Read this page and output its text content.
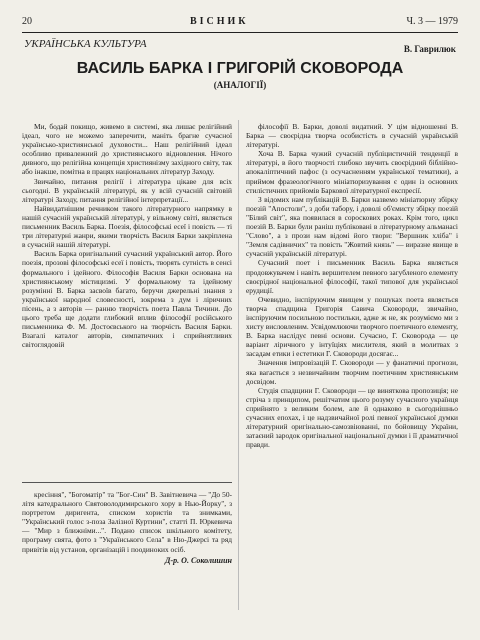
20	ВІСНИК	Ч. 3 — 1979
УКРАЇНСЬКА КУЛЬТУРА	В. Гаврилюк
ВАСИЛЬ БАРКА І ГРИГОРІЙ СКОВОРОДА
(АНАЛОГІЇ)

Ми, бодай покищо, живемо в системі, яка лишає релігійний ідеал, чого не можемо заперечити, маніть брагне сучасної українсько-християнської духовости... Наш релігійний ідеал особливо привалежний до християнського відновлення. Нічого дивного, що релігійна концепція християнізму західного світу, так або інакше, помітна в працях національних літератур Заходу.

Звичайно, питання релігії і література цікаве для всіх сьогодні. В українській літературі, як у всій сучасній світовій літературі Заходу, питання релігійної інтерпретації...

Найвидатнішим речником такого літературного напрямку в нашій сучасній українській літературі, у вільному світі, являється письменник Василь Барка. Поезія, філософські есеї і повість — ті три літературні жанри, якими творчість Василя Барки закріплена в сучасній нашій літературі.

Василь Барка оригінальний сучасний український автор. Його поезія, прозові філософські есеї і повість, творять сутність в сенсі формального і ідейного. Філософія Василя Барки основана на християнському містицизмі. У формальному та ідейному розумінні В. Барка засвоїв багато, беручи джерельні знання з української народної словесності, зокрема з дум і ліричних пісень, а з авторів — ранню творчість поета Павла Тичини. До цього треба ще додати глибокий вплив філософії російського письменника Ф. М. Достоєвського на творчість Василя Барки. Взагалі каталог авторів, симпатичних і сприйнятливих світоглядовій

філософії В. Барки, доволі видатний. У цім відношенні В. Барка — своєрідна творча особистість в сучасній українській літературі.

Хоча В. Барка чужий сучасній публіцистичній тенденції в літературі, в його творчості глибоко звучить своєрідний біблійно-апокаліптичний пафос (з осучасненням української тематики), а приймом фразеологічного мініатюризування є один із основних стилістичних прийомів Баркової літературної експресії.

З відомих нам публікацій В. Барки назвемо мініатюрну збірку поезій "Апостоли", з доби табору, і доволі об'ємисту збірку поезій "Білий світ", яка появилася в сороскових роках. Крім того, цикл поезій В. Барки були раніш публіковані в літературному альманасі "Слово", а з прози нам відомі його твори: "Вершник хліба" і "Земля садівничих" та повість "Жовтий князь" — виразне явище в сучасній українській літературі.

Сучасний поет і письменник Василь Барка являється продовжувачем і навіть вершителем певного загубленого елементу своєрідної національної філософії, такої типової для української ерудиції.

Очевидно, інспіруючим явищем у пошуках поета являється творча спадщина Григорія Савича Сковороди, звичайно, інспіруючим посильною постильки, адже ж не, як розуміємо ми з хисту висловленим. Усвідомлюючи творчого поетичного елементу, В. Барка наслідує певні основи. Сучасно, Г. Сковорода — це варіант ліричного у інтуїціях мислителя, який в молитвах з засадам етики і естетики Г. Сковороди досягає...

Значення імпровізацій Г. Сковороди — у фанатичні прогнози, яка вагається з незвичайним творчим поетичним християнським досвідом.

Студія спадщини Г. Сковороди — це виняткова пропозиція; не стріча з принципом, решітчатим цього розуму сучасного українця сприйнято з великим болем, але й однаково в сьогоднішньо сучасних епохах, і це надзвичайної ролі певної української думки літературний оригінально-самозвіюванні, по бойовищу України, затаєний зародок оригінальної національної думки і її драматичної правди.

кресіння", "Богоматір" та "Бог-Син" В. Завітневича — "До 50-літя катедрального Святоволодимирського хору в Нью-Йорку", з портретом диригента, списком хористів та знимками, "Український голос з-поза Залізної Куртини", статті П. Юркевича — "Мир з ближніми...". Подано список шкільного комітету, програму свята, фото з "Українського Села" в Ню-Джерсі та ряд привітів від установ, організацій і поодиноких осіб.

Д-р. О. Соколишин
